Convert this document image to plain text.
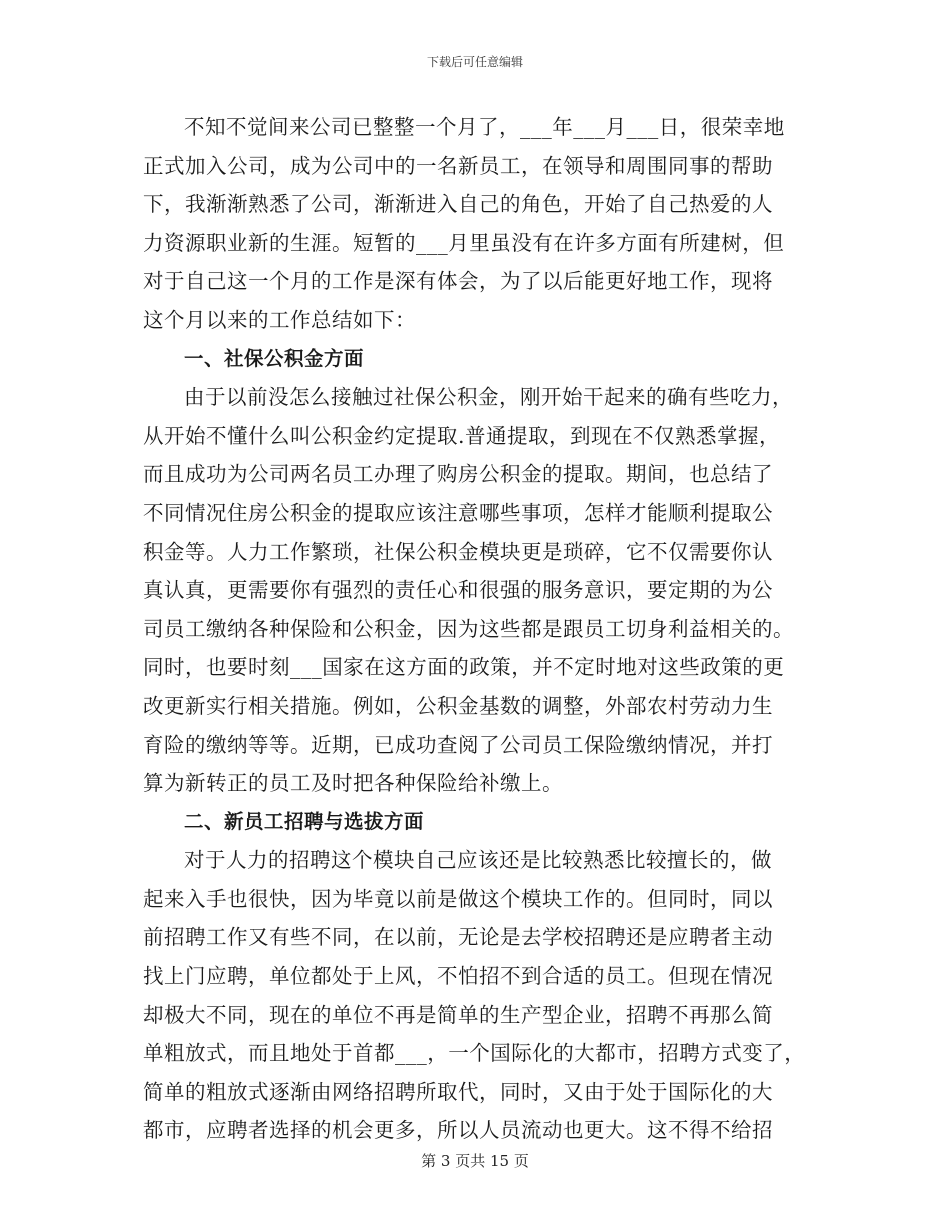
下载后可任意编辑
不知不觉间来公司已整整一个月了，___年___月___日，很荣幸地
正式加入公司，成为公司中的一名新员工，在领导和周围同事的帮助
下，我渐渐熟悉了公司，渐渐进入自己的角色，开始了自己热爱的人
力资源职业新的生涯。短暂的___月里虽没有在许多方面有所建树，但
对于自己这一个月的工作是深有体会，为了以后能更好地工作，现将
这个月以来的工作总结如下：
一、社保公积金方面
由于以前没怎么接触过社保公积金，刚开始干起来的确有些吃力，
从开始不懂什么叫公积金约定提取.普通提取，到现在不仅熟悉掌握，
而且成功为公司两名员工办理了购房公积金的提取。期间，也总结了
不同情况住房公积金的提取应该注意哪些事项，怎样才能顺利提取公
积金等。人力工作繁琐，社保公积金模块更是琐碎，它不仅需要你认
真认真，更需要你有强烈的责任心和很强的服务意识，要定期的为公
司员工缴纳各种保险和公积金，因为这些都是跟员工切身利益相关的。
同时，也要时刻___国家在这方面的政策，并不定时地对这些政策的更
改更新实行相关措施。例如，公积金基数的调整，外部农村劳动力生
育险的缴纳等等。近期，已成功查阅了公司员工保险缴纳情况，并打
算为新转正的员工及时把各种保险给补缴上。
二、新员工招聘与选拔方面
对于人力的招聘这个模块自己应该还是比较熟悉比较擅长的，做
起来入手也很快，因为毕竟以前是做这个模块工作的。但同时，同以
前招聘工作又有些不同，在以前，无论是去学校招聘还是应聘者主动
找上门应聘，单位都处于上风，不怕招不到合适的员工。但现在情况
却极大不同，现在的单位不再是简单的生产型企业，招聘不再那么简
单粗放式，而且地处于首都___，一个国际化的大都市，招聘方式变了，
简单的粗放式逐渐由网络招聘所取代，同时，又由于处于国际化的大
都市，应聘者选择的机会更多，所以人员流动也更大。这不得不给招
第 3 页共 15 页
